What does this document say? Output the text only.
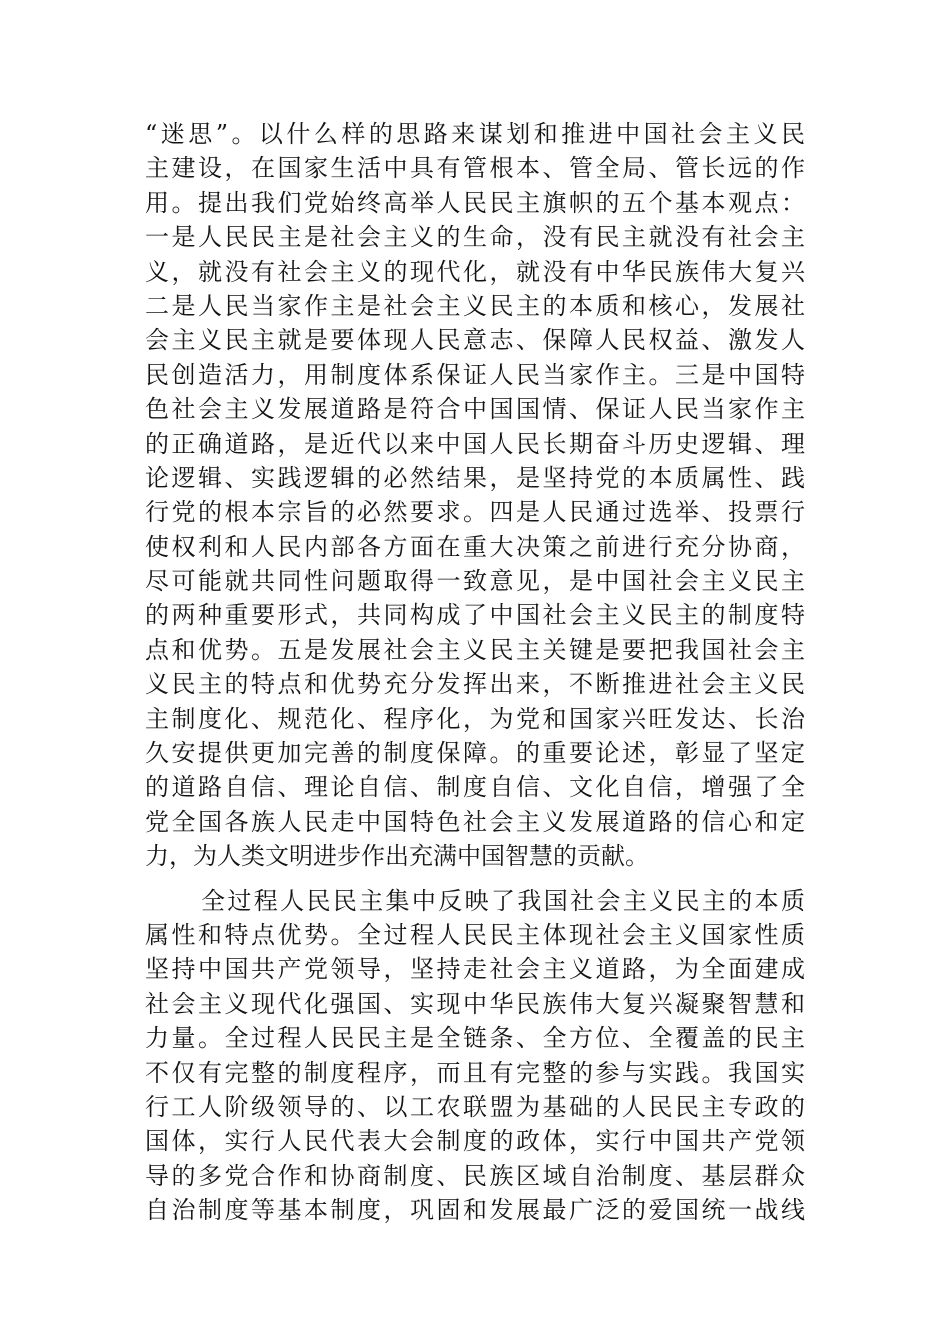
“迷思”。以什么样的思路来谋划和推进中国社会主义民
主建设，在国家生活中具有管根本、管全局、管长远的作
用。提出我们党始终高举人民民主旗帜的五个基本观点：
一是人民民主是社会主义的生命，没有民主就没有社会主
义，就没有社会主义的现代化，就没有中华民族伟大复兴
二是人民当家作主是社会主义民主的本质和核心，发展社
会主义民主就是要体现人民意志、保障人民权益、激发人
民创造活力，用制度体系保证人民当家作主。三是中国特
色社会主义发展道路是符合中国国情、保证人民当家作主
的正确道路，是近代以来中国人民长期奋斗历史逻辑、理
论逻辑、实践逻辑的必然结果，是坚持党的本质属性、践
行党的根本宗旨的必然要求。四是人民通过选举、投票行
使权利和人民内部各方面在重大决策之前进行充分协商，
尽可能就共同性问题取得一致意见，是中国社会主义民主
的两种重要形式，共同构成了中国社会主义民主的制度特
点和优势。五是发展社会主义民主关键是要把我国社会主
义民主的特点和优势充分发挥出来，不断推进社会主义民
主制度化、规范化、程序化，为党和国家兴旺发达、长治
久安提供更加完善的制度保障。的重要论述，彰显了坚定
的道路自信、理论自信、制度自信、文化自信，增强了全
党全国各族人民走中国特色社会主义发展道路的信心和定
力，为人类文明进步作出充满中国智慧的贡献。
全过程人民民主集中反映了我国社会主义民主的本质
属性和特点优势。全过程人民民主体现社会主义国家性质
坚持中国共产党领导，坚持走社会主义道路，为全面建成
社会主义现代化强国、实现中华民族伟大复兴凝聚智慧和
力量。全过程人民民主是全链条、全方位、全覆盖的民主
不仅有完整的制度程序，而且有完整的参与实践。我国实
行工人阶级领导的、以工农联盟为基础的人民民主专政的
国体，实行人民代表大会制度的政体，实行中国共产党领
导的多党合作和协商制度、民族区域自治制度、基层群众
自治制度等基本制度，巩固和发展最广泛的爱国统一战线
